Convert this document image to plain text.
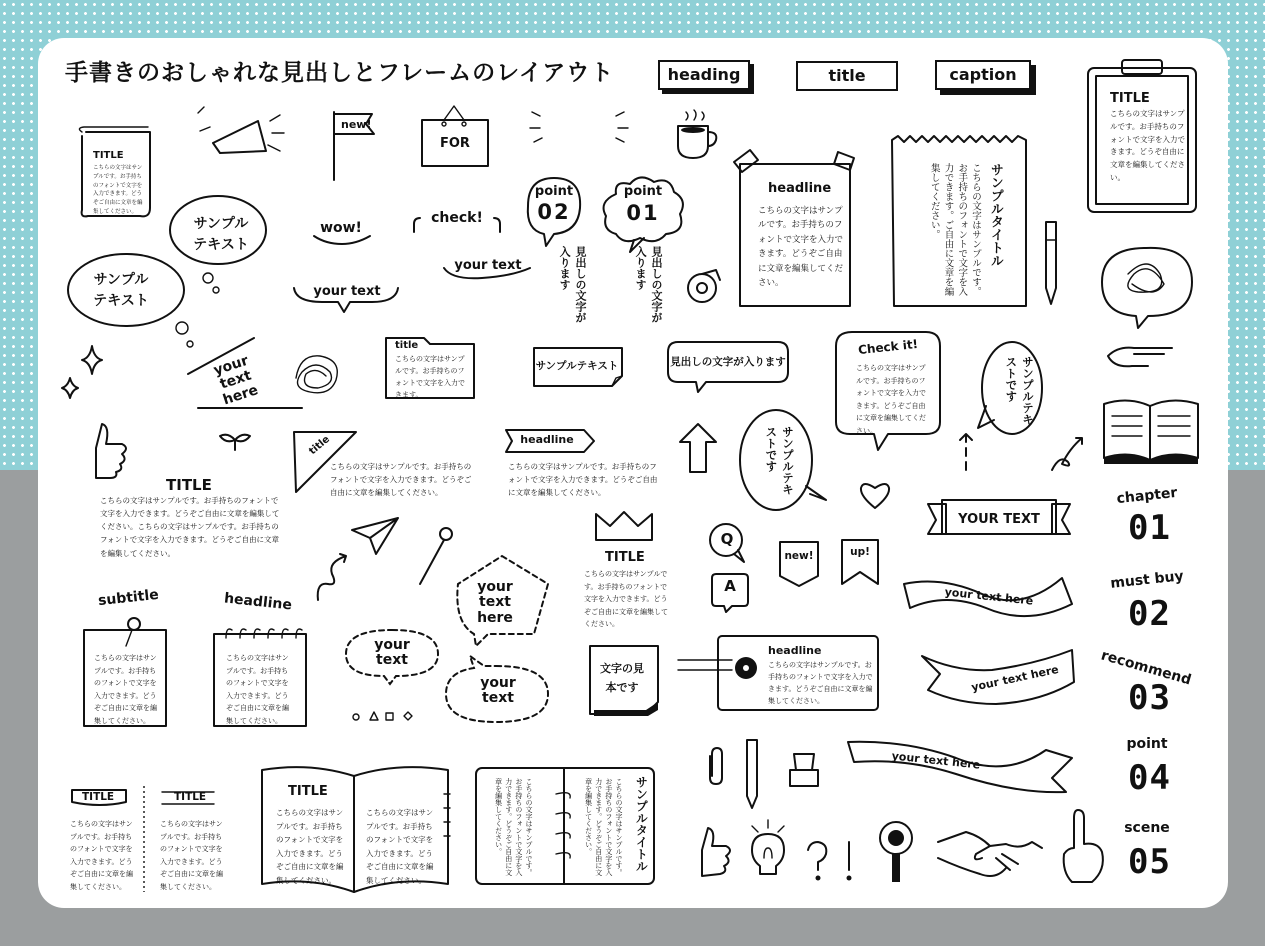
手書きのおしゃれな見出しとフレームのレイアウト	heading	title	caption
TITLE
こちらの文字はサンプルです。お手持ちのフォントで文字を入力できます。どうぞ自由に文章を編集してください。
TITLE
こちらの文字はサンプルです。お手持ちのフォントで文字を入力できます。どうぞご自由に文章を編集してください。
new!
FOR
point
02
point
01
見出しの文字が入ります	見出しの文字が入ります
headline
こちらの文字はサンプルです。お手持ちのフォントで文字を入力できます。どうぞご自由に文章を編集してください。
サンプルタイトル
こちらの文字はサンプルです。お手持ちのフォントで文字を入力できます。ご自由に文章を編集してください。
サンプルテキスト
サンプルテキスト
wow!
check!
your text
your text
your text here
title
こちらの文字はサンプルです。お手持ちのフォントで文字を入力できます。
サンプルテキスト	見出しの文字が入ります
Check it!
こちらの文字はサンプルです。お手持ちのフォントで文字を入力できます。どうぞご自由に文章を編集してください。
サンプルテキストです
サンプルテキストです
TITLE
こちらの文字はサンプルです。お手持ちのフォントで文字を入力できます。どうぞご自由に文章を編集してください。こちらの文字はサンプルです。お手持ちのフォントで文字を入力できます。どうぞご自由に文章を編集してください。
title
こちらの文字はサンプルです。お手持ちのフォントで文字を入力できます。どうぞご自由に文章を編集してください。
headline
こちらの文字はサンプルです。お手持ちのフォントで文字を入力できます。どうぞご自由に文章を編集してください。
TITLE
こちらの文字はサンプルです。お手持ちのフォントで文字を入力できます。どうぞご自由に文章を編集してください。
your text here
your text
your text
subtitle
こちらの文字はサンプルです。お手持ちのフォントで文字を入力できます。どうぞご自由に文章を編集してください。
headline
こちらの文字はサンプルです。お手持ちのフォントで文字を入力できます。どうぞご自由に文章を編集してください。
文字の見本です
headline
こちらの文字はサンプルです。お手持ちのフォントで文字を入力できます。どうぞご自由に文章を編集してください。
Q
A
new!	up!
YOUR TEXT
your text here
your text here
your text here
TITLE
こちらの文字はサンプルです。お手持ちのフォントで文字を入力できます。どうぞご自由に文章を編集してください。
TITLE
こちらの文字はサンプルです。お手持ちのフォントで文字を入力できます。どうぞご自由に文章を編集してください。
TITLE
こちらの文字はサンプルです。お手持ちのフォントで文字を入力できます。どうぞご自由に文章を編集してください。
こちらの文字はサンプルです。お手持ちのフォントで文字を入力できます。どうぞご自由に文章を編集してください。
サンプルタイトル
こちらの文字はサンプルです。お手持ちのフォントで文字を入力できます。どうぞご自由に文章を編集してください。
こちらの文字はサンプルです。お手持ちのフォントで文字を入力できます。どうぞご自由に文章を編集してください。
chapter
01
must buy
02
recommend
03
point
04
scene
05
